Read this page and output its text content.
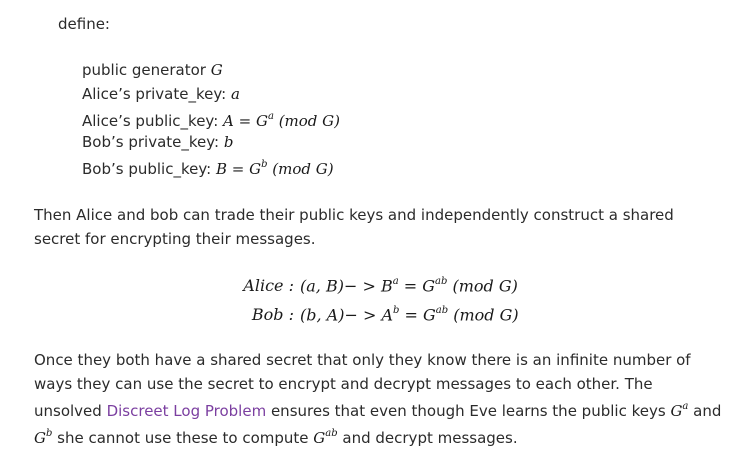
define:
public generator G
Alice’s private_key: a
Alice’s public_key: $A = G^a$ (mod G)
Bob’s private_key: b
Bob’s public_key: $B = G^b$ (mod G)

Then Alice and bob can trade their public keys and independently construct a shared secret for encrypting their messages.

Alice : (a, $B)- > B^a = G^{ab}$ (mod G)
Bob : (b, $A)- > A^b = G^{ab}$ (mod G)

Once they both have a shared secret that only they know there is an infinite number of ways they can use the secret to encrypt and decrypt messages to each other. The unsolved Discreet Log Problem ensures that even though Eve learns the public keys $G^a$ and $G^b$ she cannot use these to compute $G^{ab}$ and decrypt messages.
